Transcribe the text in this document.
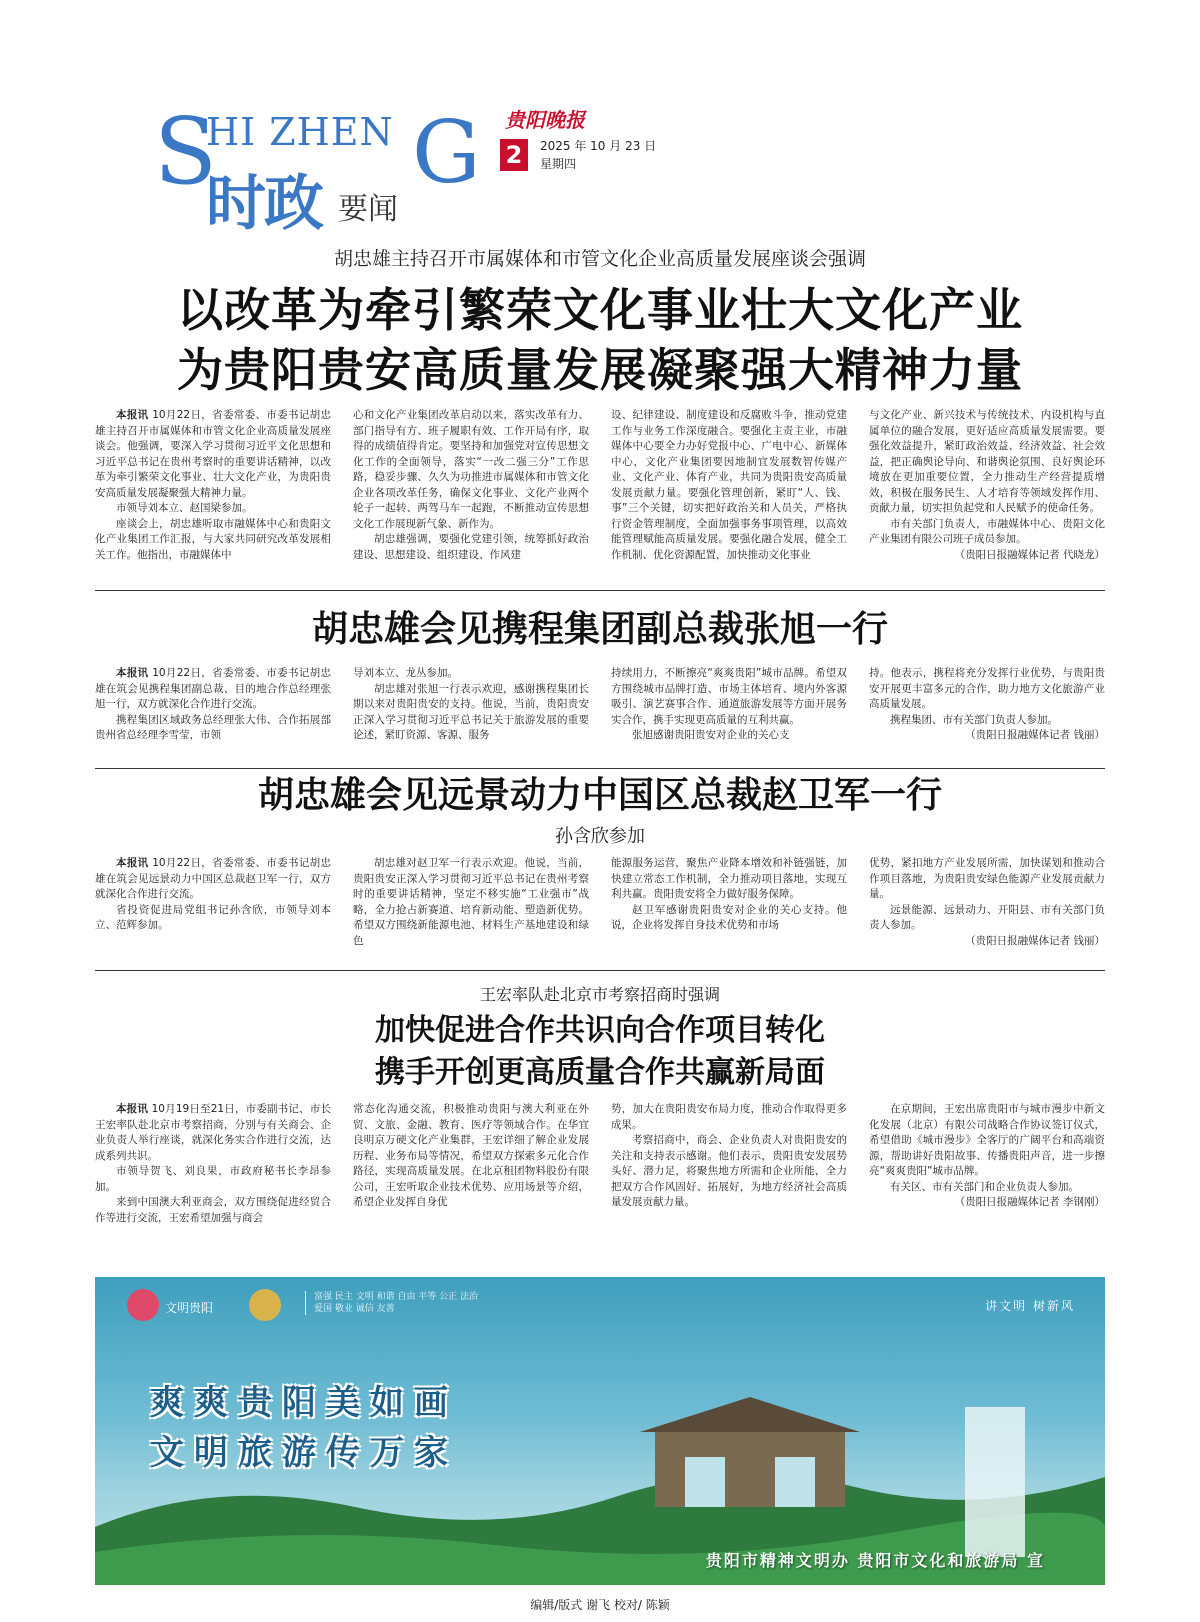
S
HI ZHEN G
时政 要闻
贵阳晚报
2	2025 年 10 月 23 日
星期四
胡忠雄主持召开市属媒体和市管文化企业高质量发展座谈会强调
以改革为牵引繁荣文化事业壮大文化产业
为贵阳贵安高质量发展凝聚强大精神力量

本报讯 10月22日，省委常委、市委书记胡忠雄主持召开市属媒体和市管文化企业高质量发展座谈会。他强调，要深入学习贯彻习近平文化思想和习近平总书记在贵州考察时的重要讲话精神，以改革为牵引繁荣文化事业、壮大文化产业，为贵阳贵安高质量发展凝聚强大精神力量。

市领导刘本立、赵国梁参加。

座谈会上，胡忠雄听取市融媒体中心和贵阳文化产业集团工作汇报，与大家共同研究改革发展相关工作。他指出，市融媒体中

心和文化产业集团改革启动以来，落实改革有力、部门指导有方、班子履职有效、工作开局有序，取得的成绩值得肯定。要坚持和加强党对宣传思想文化工作的全面领导，落实“一改二强三分”工作思路，稳妥步骤、久久为功推进市属媒体和市管文化企业各项改革任务，确保文化事业、文化产业两个轮子一起转、两驾马车一起跑，不断推动宣传思想文化工作展现新气象、新作为。

胡忠雄强调，要强化党建引领，统筹抓好政治建设、思想建设、组织建设、作风建

设、纪律建设、制度建设和反腐败斗争，推动党建工作与业务工作深度融合。要强化主责主业，市融媒体中心要全力办好党报中心、广电中心、新媒体中心，文化产业集团要因地制宜发展数智传媒产业、文化产业、体育产业，共同为贵阳贵安高质量发展贡献力量。要强化管理创新，紧盯“人、钱、事”三个关键，切实把好政治关和人员关，严格执行资金管理制度，全面加强事务事项管理，以高效能管理赋能高质量发展。要强化融合发展，健全工作机制、优化资源配置，加快推动文化事业

与文化产业、新兴技术与传统技术、内设机构与直属单位的融合发展，更好适应高质量发展需要。要强化效益提升，紧盯政治效益、经济效益、社会效益，把正确舆论导向、和谐舆论氛围、良好舆论环境放在更加重要位置，全力推动生产经营提质增效，积极在服务民生、人才培育等领域发挥作用、贡献力量，切实担负起党和人民赋予的使命任务。

市有关部门负责人，市融媒体中心、贵阳文化产业集团有限公司班子成员参加。

（贵阳日报融媒体记者 代晓龙）

胡忠雄会见携程集团副总裁张旭一行

本报讯 10月22日，省委常委、市委书记胡忠雄在筑会见携程集团副总裁、目的地合作总经理张旭一行，双方就深化合作进行交流。

携程集团区域政务总经理张大伟、合作拓展部贵州省总经理李雪莹，市领

导刘本立、龙丛参加。

胡忠雄对张旭一行表示欢迎，感谢携程集团长期以来对贵阳贵安的支持。他说，当前，贵阳贵安正深入学习贯彻习近平总书记关于旅游发展的重要论述，紧盯资源、客源、服务

持续用力，不断擦亮“爽爽贵阳”城市品牌。希望双方围绕城市品牌打造、市场主体培育、境内外客源吸引、演艺赛事合作、通道旅游发展等方面开展务实合作，携手实现更高质量的互利共赢。

张旭感谢贵阳贵安对企业的关心支

持。他表示，携程将充分发挥行业优势，与贵阳贵安开展更丰富多元的合作，助力地方文化旅游产业高质量发展。

携程集团、市有关部门负责人参加。

（贵阳日报融媒体记者 钱丽）

胡忠雄会见远景动力中国区总裁赵卫军一行
孙含欣参加

本报讯 10月22日，省委常委、市委书记胡忠雄在筑会见远景动力中国区总裁赵卫军一行，双方就深化合作进行交流。

省投资促进局党组书记孙含欣，市领导刘本立、范辉参加。

胡忠雄对赵卫军一行表示欢迎。他说，当前，贵阳贵安正深入学习贯彻习近平总书记在贵州考察时的重要讲话精神，坚定不移实施“工业强市”战略，全力抢占新赛道、培育新动能、塑造新优势。希望双方围绕新能源电池、材料生产基地建设和绿色

能源服务运营，聚焦产业降本增效和补链强链，加快建立常态工作机制，全力推动项目落地，实现互利共赢。贵阳贵安将全力做好服务保障。

赵卫军感谢贵阳贵安对企业的关心支持。他说，企业将发挥自身技术优势和市场

优势，紧扣地方产业发展所需，加快谋划和推动合作项目落地，为贵阳贵安绿色能源产业发展贡献力量。

远景能源、远景动力、开阳县、市有关部门负责人参加。

（贵阳日报融媒体记者 钱丽）

王宏率队赴北京市考察招商时强调
加快促进合作共识向合作项目转化
携手开创更高质量合作共赢新局面

本报讯 10月19日至21日，市委副书记、市长王宏率队赴北京市考察招商，分别与有关商会、企业负责人举行座谈，就深化务实合作进行交流，达成系列共识。

市领导贺飞、刘良果，市政府秘书长李昂参加。

来到中国澳大利亚商会，双方围绕促进经贸合作等进行交流，王宏希望加强与商会

常态化沟通交流，积极推动贵阳与澳大利亚在外贸、文旅、金融、教育、医疗等领域合作。在华宜良明京万硬文化产业集群，王宏详细了解企业发展历程、业务布局等情况，希望双方探索多元化合作路径，实现高质量发展。在北京租团物料股份有限公司，王宏听取企业技术优势、应用场景等介绍，希望企业发挥自身优

势，加大在贵阳贵安布局力度，推动合作取得更多成果。

考察招商中，商会、企业负责人对贵阳贵安的关注和支持表示感谢。他们表示，贵阳贵安发展势头好、潜力足，将聚焦地方所需和企业所能，全力把双方合作风固好、拓展好，为地方经济社会高质量发展贡献力量。

在京期间，王宏出席贵阳市与城市漫步中新文化发展（北京）有限公司战略合作协议签订仪式，希望借助《城市漫步》全客厅的广阔平台和高端资源，帮助讲好贵阳故事、传播贵阳声音，进一步擦亮“爽爽贵阳”城市品牌。

有关区、市有关部门和企业负责人参加。

（贵阳日报融媒体记者 李钢刚）

文明贵阳
富强 民主 文明 和谐 自由 平等 公正 法治 爱国 敬业 诚信 友善	讲文明 树新风
爽爽贵阳美如画
文明旅游传万家
贵阳市精神文明办 贵阳市文化和旅游局 宣
编辑/版式 谢飞 校对/ 陈颖
